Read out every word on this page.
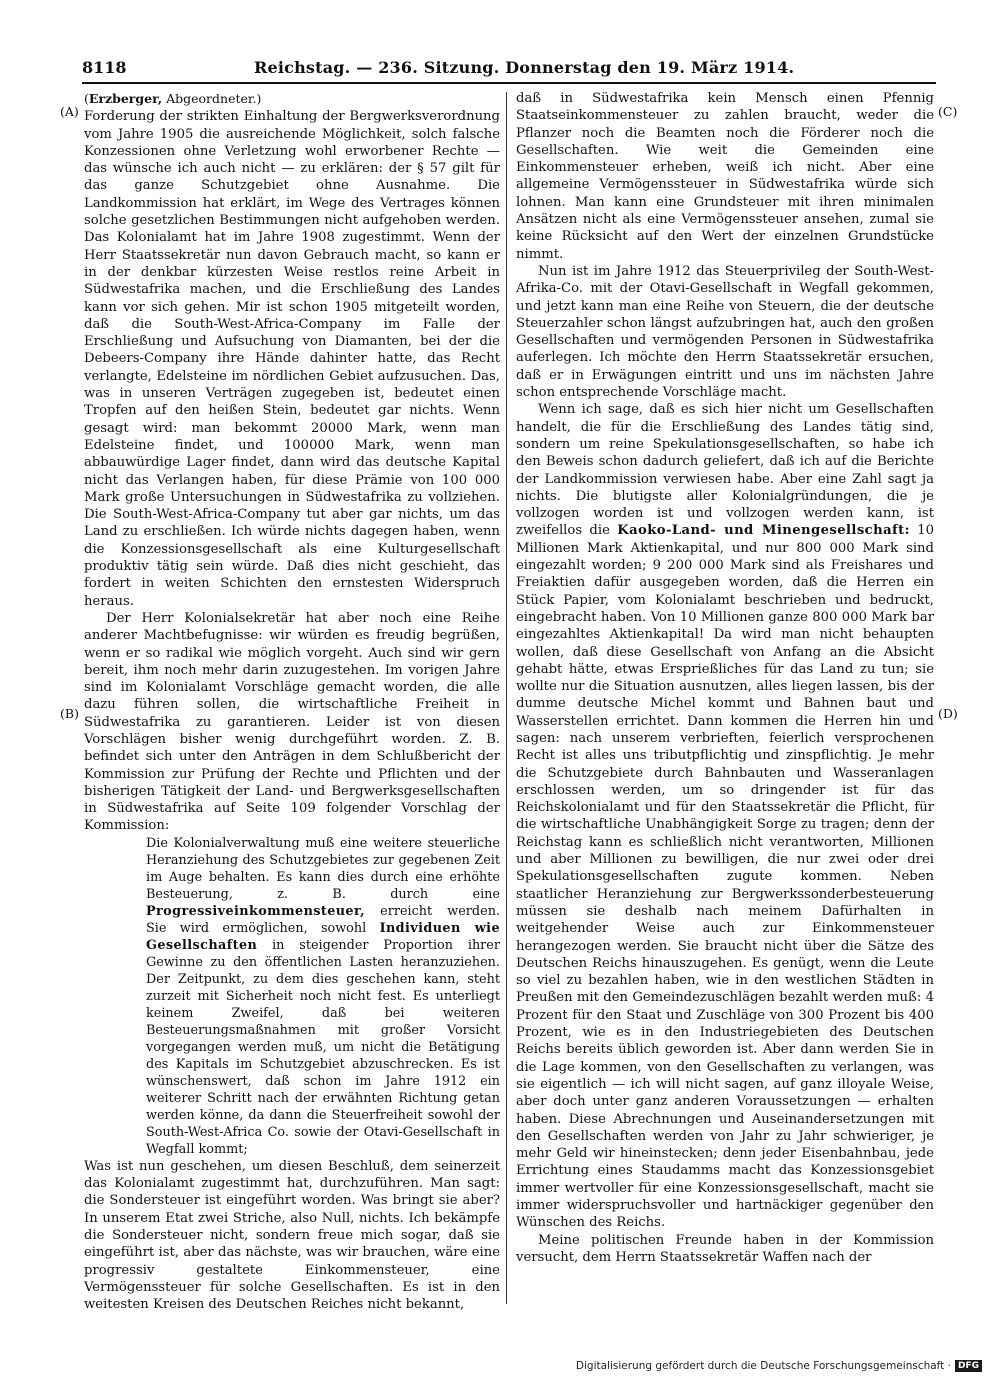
8118	Reichstag. — 236. Sitzung. Donnerstag den 19. März 1914.
(A)
(B)
(C)
(D)
(Erzberger, Abgeordneter.)

Forderung der strikten Einhaltung der Bergwerksverordnung vom Jahre 1905 die ausreichende Möglichkeit, solch falsche Konzessionen ohne Verletzung wohl erworbener Rechte — das wünsche ich auch nicht — zu erklären: der § 57 gilt für das ganze Schutzgebiet ohne Ausnahme. Die Landkommission hat erklärt, im Wege des Vertrages können solche gesetzlichen Bestimmungen nicht aufgehoben werden. Das Kolonialamt hat im Jahre 1908 zugestimmt. Wenn der Herr Staatssekretär nun davon Gebrauch macht, so kann er in der denkbar kürzesten Weise restlos reine Arbeit in Südwestafrika machen, und die Erschließung des Landes kann vor sich gehen. Mir ist schon 1905 mitgeteilt worden, daß die South-West-Africa-Company im Falle der Erschließung und Aufsuchung von Diamanten, bei der die Debeers-Company ihre Hände dahinter hatte, das Recht verlangte, Edelsteine im nördlichen Gebiet aufzusuchen. Das, was in unseren Verträgen zugegeben ist, bedeutet einen Tropfen auf den heißen Stein, bedeutet gar nichts. Wenn gesagt wird: man bekommt 20000 Mark, wenn man Edelsteine findet, und 100000 Mark, wenn man abbauwürdige Lager findet, dann wird das deutsche Kapital nicht das Verlangen haben, für diese Prämie von 100 000 Mark große Untersuchungen in Südwestafrika zu vollziehen. Die South-West-Africa-Company tut aber gar nichts, um das Land zu erschließen. Ich würde nichts dagegen haben, wenn die Konzessionsgesellschaft als eine Kulturgesellschaft produktiv tätig sein würde. Daß dies nicht geschieht, das fordert in weiten Schichten den ernstesten Widerspruch heraus.

Der Herr Kolonialsekretär hat aber noch eine Reihe anderer Machtbefugnisse: wir würden es freudig begrüßen, wenn er so radikal wie möglich vorgeht. Auch sind wir gern bereit, ihm noch mehr darin zuzugestehen. Im vorigen Jahre sind im Kolonialamt Vorschläge gemacht worden, die alle dazu führen sollen, die wirtschaftliche Freiheit in Südwestafrika zu garantieren. Leider ist von diesen Vorschlägen bisher wenig durchgeführt worden. Z. B. befindet sich unter den Anträgen in dem Schlußbericht der Kommission zur Prüfung der Rechte und Pflichten und der bisherigen Tätigkeit der Land- und Bergwerksgesellschaften in Südwestafrika auf Seite 109 folgender Vorschlag der Kommission:

Die Kolonialverwaltung muß eine weitere steuerliche Heranziehung des Schutzgebietes zur gegebenen Zeit im Auge behalten. Es kann dies durch eine erhöhte Besteuerung, z. B. durch eine Progressiveinkommensteuer, erreicht werden. Sie wird ermöglichen, sowohl Individuen wie Gesellschaften in steigender Proportion ihrer Gewinne zu den öffentlichen Lasten heranzuziehen. Der Zeitpunkt, zu dem dies geschehen kann, steht zurzeit mit Sicherheit noch nicht fest. Es unterliegt keinem Zweifel, daß bei weiteren Besteuerungsmaßnahmen mit großer Vorsicht vorgegangen werden muß, um nicht die Betätigung des Kapitals im Schutzgebiet abzuschrecken. Es ist wünschenswert, daß schon im Jahre 1912 ein weiterer Schritt nach der erwähnten Richtung getan werden könne, da dann die Steuerfreiheit sowohl der South-West-Africa Co. sowie der Otavi-Gesellschaft in Wegfall kommt;

Was ist nun geschehen, um diesen Beschluß, dem seinerzeit das Kolonialamt zugestimmt hat, durchzuführen. Man sagt: die Sondersteuer ist eingeführt worden. Was bringt sie aber? In unserem Etat zwei Striche, also Null, nichts. Ich bekämpfe die Sondersteuer nicht, sondern freue mich sogar, daß sie eingeführt ist, aber das nächste, was wir brauchen, wäre eine progressiv gestaltete Einkommensteuer, eine Vermögenssteuer für solche Gesellschaften. Es ist in den weitesten Kreisen des Deutschen Reiches nicht bekannt,

daß in Südwestafrika kein Mensch einen Pfennig Staatseinkommensteuer zu zahlen braucht, weder die Pflanzer noch die Beamten noch die Förderer noch die Gesellschaften. Wie weit die Gemeinden eine Einkommensteuer erheben, weiß ich nicht. Aber eine allgemeine Vermögenssteuer in Südwestafrika würde sich lohnen. Man kann eine Grundsteuer mit ihren minimalen Ansätzen nicht als eine Vermögenssteuer ansehen, zumal sie keine Rücksicht auf den Wert der einzelnen Grundstücke nimmt.

Nun ist im Jahre 1912 das Steuerprivileg der South-West-Afrika-Co. mit der Otavi-Gesellschaft in Wegfall gekommen, und jetzt kann man eine Reihe von Steuern, die der deutsche Steuerzahler schon längst aufzubringen hat, auch den großen Gesellschaften und vermögenden Personen in Südwestafrika auferlegen. Ich möchte den Herrn Staatssekretär ersuchen, daß er in Erwägungen eintritt und uns im nächsten Jahre schon entsprechende Vorschläge macht.

Wenn ich sage, daß es sich hier nicht um Gesellschaften handelt, die für die Erschließung des Landes tätig sind, sondern um reine Spekulationsgesellschaften, so habe ich den Beweis schon dadurch geliefert, daß ich auf die Berichte der Landkommission verwiesen habe. Aber eine Zahl sagt ja nichts. Die blutigste aller Kolonialgründungen, die je vollzogen worden ist und vollzogen werden kann, ist zweifellos die Kaoko-Land- und Minengesellschaft: 10 Millionen Mark Aktienkapital, und nur 800 000 Mark sind eingezahlt worden; 9 200 000 Mark sind als Freishares und Freiaktien dafür ausgegeben worden, daß die Herren ein Stück Papier, vom Kolonialamt beschrieben und bedruckt, eingebracht haben. Von 10 Millionen ganze 800 000 Mark bar eingezahltes Aktienkapital! Da wird man nicht behaupten wollen, daß diese Gesellschaft von Anfang an die Absicht gehabt hätte, etwas Ersprießliches für das Land zu tun; sie wollte nur die Situation ausnutzen, alles liegen lassen, bis der dumme deutsche Michel kommt und Bahnen baut und Wasserstellen errichtet. Dann kommen die Herren hin und sagen: nach unserem verbrieften, feierlich versprochenen Recht ist alles uns tributpflichtig und zinspflichtig. Je mehr die Schutzgebiete durch Bahnbauten und Wasseranlagen erschlossen werden, um so dringender ist für das Reichskolonialamt und für den Staatssekretär die Pflicht, für die wirtschaftliche Unabhängigkeit Sorge zu tragen; denn der Reichstag kann es schließlich nicht verantworten, Millionen und aber Millionen zu bewilligen, die nur zwei oder drei Spekulationsgesellschaften zugute kommen. Neben staatlicher Heranziehung zur Bergwerkssonderbesteuerung müssen sie deshalb nach meinem Dafürhalten in weitgehender Weise auch zur Einkommensteuer herangezogen werden. Sie braucht nicht über die Sätze des Deutschen Reichs hinauszugehen. Es genügt, wenn die Leute so viel zu bezahlen haben, wie in den westlichen Städten in Preußen mit den Gemeindezuschlägen bezahlt werden muß: 4 Prozent für den Staat und Zuschläge von 300 Prozent bis 400 Prozent, wie es in den Industriegebieten des Deutschen Reichs bereits üblich geworden ist. Aber dann werden Sie in die Lage kommen, von den Gesellschaften zu verlangen, was sie eigentlich — ich will nicht sagen, auf ganz illoyale Weise, aber doch unter ganz anderen Voraussetzungen — erhalten haben. Diese Abrechnungen und Auseinandersetzungen mit den Gesellschaften werden von Jahr zu Jahr schwieriger, je mehr Geld wir hineinstecken; denn jeder Eisenbahnbau, jede Errichtung eines Staudamms macht das Konzessionsgebiet immer wertvoller für eine Konzessionsgesellschaft, macht sie immer widerspruchsvoller und hartnäckiger gegenüber den Wünschen des Reichs.

Meine politischen Freunde haben in der Kommission versucht, dem Herrn Staatssekretär Waffen nach der

Digitalisierung gefördert durch die Deutsche Forschungsgemeinschaft · DFG
